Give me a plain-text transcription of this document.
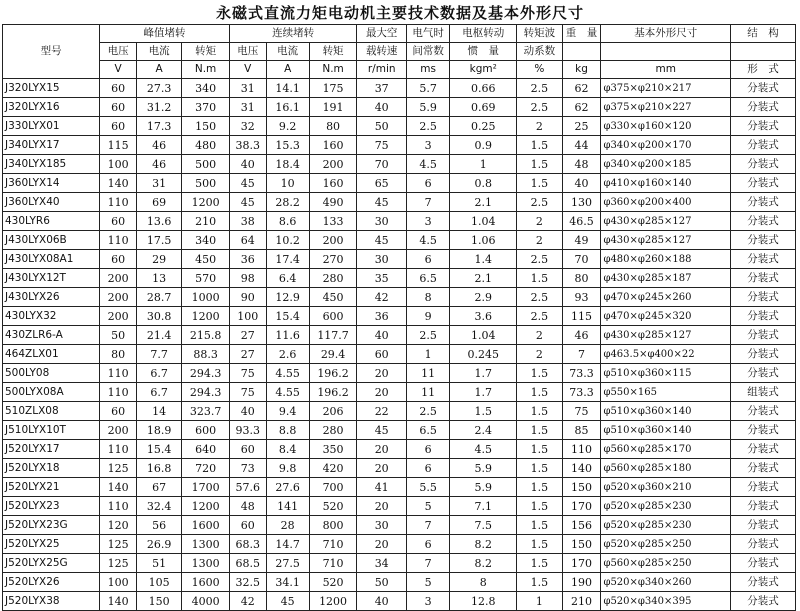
永磁式直流力矩电动机主要技术数据及基本外形尺寸
型号	峰值堵转			连续堵转			最大空	电气时	电枢转动	转矩波	重　量	基本外形尺寸	结　构
	电压	电流	转矩	电压	电流	转矩	载转速	间常数	惯　量	动系数			
	V	A	N.m	V	A	N.m	r/min	ms	kgm²	%	kg	mm	形　式
J320LYX15	60	27.3	340	31	14.1	175	37	5.7	0.66	2.5	62	φ375×φ210×217	分装式
J320LYX16	60	31.2	370	31	16.1	191	40	5.9	0.69	2.5	62	φ375×φ210×227	分装式
J330LYX01	60	17.3	150	32	9.2	80	50	2.5	0.25	2	25	φ330×φ160×120	分装式
J340LYX17	115	46	480	38.3	15.3	160	75	3	0.9	1.5	44	φ340×φ200×170	分装式
J340LYX185	100	46	500	40	18.4	200	70	4.5	1	1.5	48	φ340×φ200×185	分装式
J360LYX14	140	31	500	45	10	160	65	6	0.8	1.5	40	φ410×φ160×140	分装式
J360LYX40	110	69	1200	45	28.2	490	45	7	2.1	2.5	130	φ360×φ200×400	分装式
430LYR6	60	13.6	210	38	8.6	133	30	3	1.04	2	46.5	φ430×φ285×127	分装式
J430LYX06B	110	17.5	340	64	10.2	200	45	4.5	1.06	2	49	φ430×φ285×127	分装式
J430LYX08A1	60	29	450	36	17.4	270	30	6	1.4	2.5	70	φ480×φ260×188	分装式
J430LYX12T	200	13	570	98	6.4	280	35	6.5	2.1	1.5	80	φ430×φ285×187	分装式
J430LYX26	200	28.7	1000	90	12.9	450	42	8	2.9	2.5	93	φ470×φ245×260	分装式
430LYX32	200	30.8	1200	100	15.4	600	36	9	3.6	2.5	115	φ470×φ245×320	分装式
430ZLR6-A	50	21.4	215.8	27	11.6	117.7	40	2.5	1.04	2	46	φ430×φ285×127	分装式
464ZLX01	80	7.7	88.3	27	2.6	29.4	60	1	0.245	2	7	φ463.5×φ400×22	分装式
500LY08	110	6.7	294.3	75	4.55	196.2	20	11	1.7	1.5	73.3	φ510×φ360×115	分装式
500LYX08A	110	6.7	294.3	75	4.55	196.2	20	11	1.7	1.5	73.3	φ550×165	组装式
510ZLX08	60	14	323.7	40	9.4	206	22	2.5	1.5	1.5	75	φ510×φ360×140	分装式
J510LYX10T	200	18.9	600	93.3	8.8	280	45	6.5	2.4	1.5	85	φ510×φ360×140	分装式
J520LYX17	110	15.4	640	60	8.4	350	20	6	4.5	1.5	110	φ560×φ285×170	分装式
J520LYX18	125	16.8	720	73	9.8	420	20	6	5.9	1.5	140	φ560×φ285×180	分装式
J520LYX21	140	67	1700	57.6	27.6	700	41	5.5	5.9	1.5	150	φ520×φ360×210	分装式
J520LYX23	110	32.4	1200	48	141	520	20	5	7.1	1.5	170	φ520×φ285×230	分装式
J520LYX23G	120	56	1600	60	28	800	30	7	7.5	1.5	156	φ520×φ285×230	分装式
J520LYX25	125	26.9	1300	68.3	14.7	710	20	6	8.2	1.5	150	φ520×φ285×250	分装式
J520LYX25G	125	51	1300	68.5	27.5	710	34	7	8.2	1.5	170	φ560×φ285×250	分装式
J520LYX26	100	105	1600	32.5	34.1	520	50	5	8	1.5	190	φ520×φ340×260	分装式
J520LYX38	140	150	4000	42	45	1200	40	3	12.8	1	210	φ520×φ340×395	分装式
